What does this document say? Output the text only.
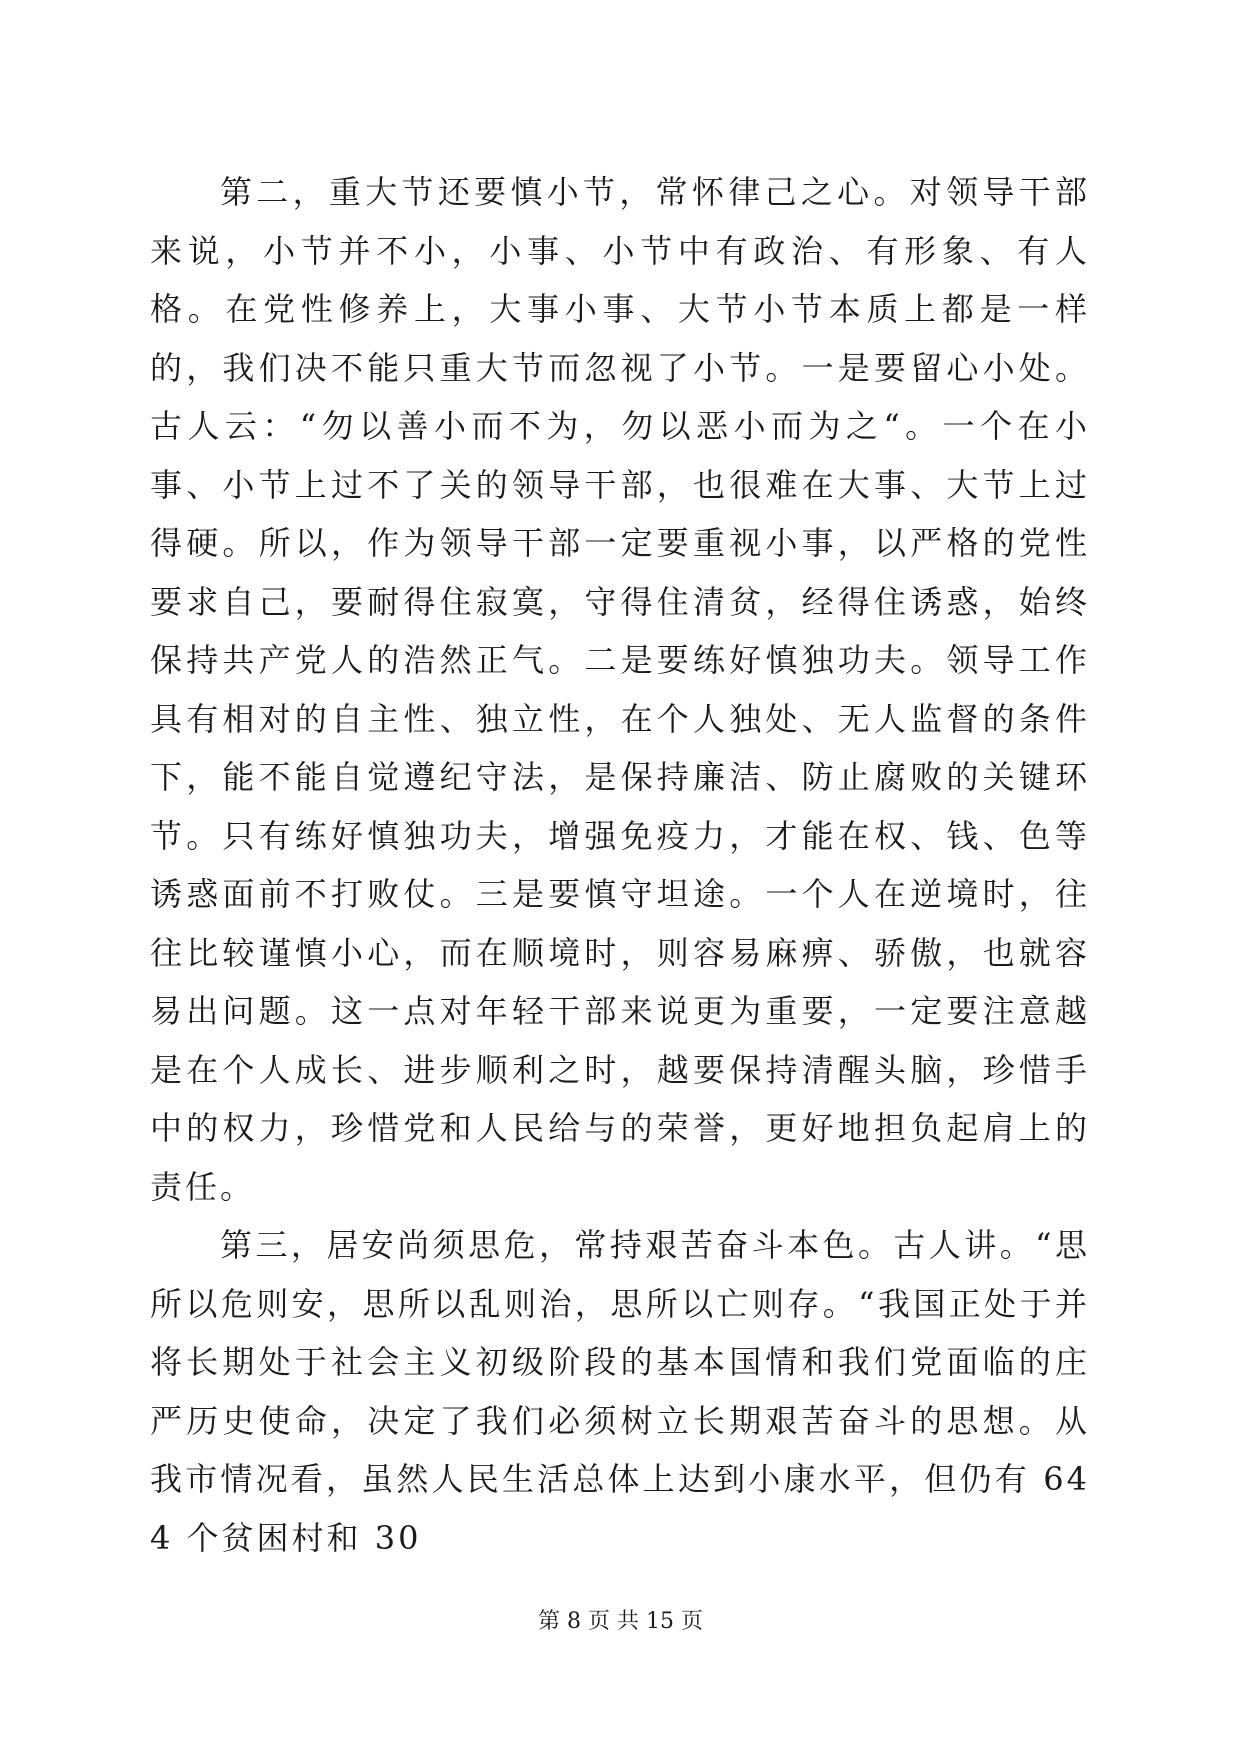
第二，重大节还要慎小节，常怀律己之心。对领导干部来说，小节并不小，小事、小节中有政治、有形象、有人格。在党性修养上，大事小事、大节小节本质上都是一样的，我们决不能只重大节而忽视了小节。一是要留心小处。古人云：“勿以善小而不为，勿以恶小而为之“。一个在小事、小节上过不了关的领导干部，也很难在大事、大节上过得硬。所以，作为领导干部一定要重视小事，以严格的党性要求自己，要耐得住寂寞，守得住清贫，经得住诱惑，始终保持共产党人的浩然正气。二是要练好慎独功夫。领导工作具有相对的自主性、独立性，在个人独处、无人监督的条件下，能不能自觉遵纪守法，是保持廉洁、防止腐败的关键环节。只有练好慎独功夫，增强免疫力，才能在权、钱、色等诱惑面前不打败仗。三是要慎守坦途。一个人在逆境时，往往比较谨慎小心，而在顺境时，则容易麻痹、骄傲，也就容易出问题。这一点对年轻干部来说更为重要，一定要注意越是在个人成长、进步顺利之时，越要保持清醒头脑，珍惜手中的权力，珍惜党和人民给与的荣誉，更好地担负起肩上的责任。

第三，居安尚须思危，常持艰苦奋斗本色。古人讲。“思所以危则安，思所以乱则治，思所以亡则存。“我国正处于并将长期处于社会主义初级阶段的基本国情和我们党面临的庄严历史使命，决定了我们必须树立长期艰苦奋斗的思想。从我市情况看，虽然人民生活总体上达到小康水平，但仍有 644 个贫困村和 30

第 8 页 共 15 页
